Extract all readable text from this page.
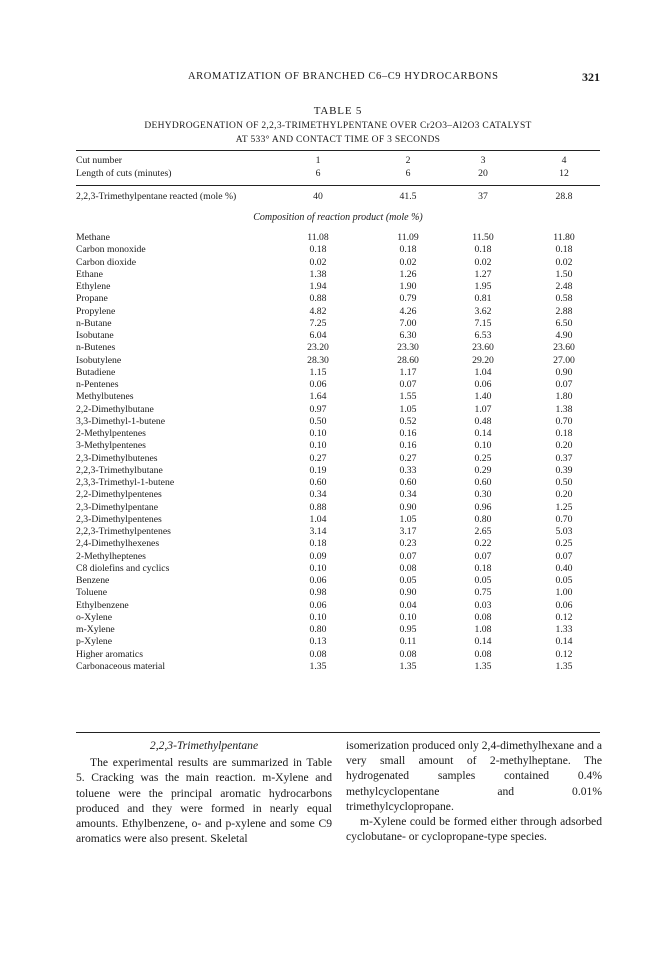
AROMATIZATION OF BRANCHED C6–C9 HYDROCARBONS	321
TABLE 5
DEHYDROGENATION OF 2,2,3-TRIMETHYLPENTANE OVER Cr2O3–Al2O3 CATALYST
AT 533° AND CONTACT TIME OF 3 SECONDS
Cut number	1	2	3	4
Length of cuts (minutes)	6	6	20	12
2,2,3-Trimethylpentane reacted (mole %)	40	41.5	37	28.8
Composition of reaction product (mole %)
Methane	11.08	11.09	11.50	11.80
Carbon monoxide	0.18	0.18	0.18	0.18
Carbon dioxide	0.02	0.02	0.02	0.02
Ethane	1.38	1.26	1.27	1.50
Ethylene	1.94	1.90	1.95	2.48
Propane	0.88	0.79	0.81	0.58
Propylene	4.82	4.26	3.62	2.88
n-Butane	7.25	7.00	7.15	6.50
Isobutane	6.04	6.30	6.53	4.90
n-Butenes	23.20	23.30	23.60	23.60
Isobutylene	28.30	28.60	29.20	27.00
Butadiene	1.15	1.17	1.04	0.90
n-Pentenes	0.06	0.07	0.06	0.07
Methylbutenes	1.64	1.55	1.40	1.80
2,2-Dimethylbutane	0.97	1.05	1.07	1.38
3,3-Dimethyl-1-butene	0.50	0.52	0.48	0.70
2-Methylpentenes	0.10	0.16	0.14	0.18
3-Methylpentenes	0.10	0.16	0.10	0.20
2,3-Dimethylbutenes	0.27	0.27	0.25	0.37
2,2,3-Trimethylbutane	0.19	0.33	0.29	0.39
2,3,3-Trimethyl-1-butene	0.60	0.60	0.60	0.50
2,2-Dimethylpentenes	0.34	0.34	0.30	0.20
2,3-Dimethylpentane	0.88	0.90	0.96	1.25
2,3-Dimethylpentenes	1.04	1.05	0.80	0.70
2,2,3-Trimethylpentenes	3.14	3.17	2.65	5.03
2,4-Dimethylhexenes	0.18	0.23	0.22	0.25
2-Methylheptenes	0.09	0.07	0.07	0.07
C8 diolefins and cyclics	0.10	0.08	0.18	0.40
Benzene	0.06	0.05	0.05	0.05
Toluene	0.98	0.90	0.75	1.00
Ethylbenzene	0.06	0.04	0.03	0.06
o-Xylene	0.10	0.10	0.08	0.12
m-Xylene	0.80	0.95	1.08	1.33
p-Xylene	0.13	0.11	0.14	0.14
Higher aromatics	0.08	0.08	0.08	0.12
Carbonaceous material	1.35	1.35	1.35	1.35

2,2,3-Trimethylpentane

The experimental results are summarized in Table 5. Cracking was the main reaction. m-Xylene and toluene were the principal aromatic hydrocarbons produced and they were formed in nearly equal amounts. Ethylbenzene, o- and p-xylene and some C9 aromatics were also present. Skeletal

isomerization produced only 2,4-dimethylhexane and a very small amount of 2-methylheptane. The hydrogenated samples contained 0.4% methylcyclopentane and 0.01% trimethylcyclopropane.

m-Xylene could be formed either through adsorbed cyclobutane- or cyclopropane-type species.
